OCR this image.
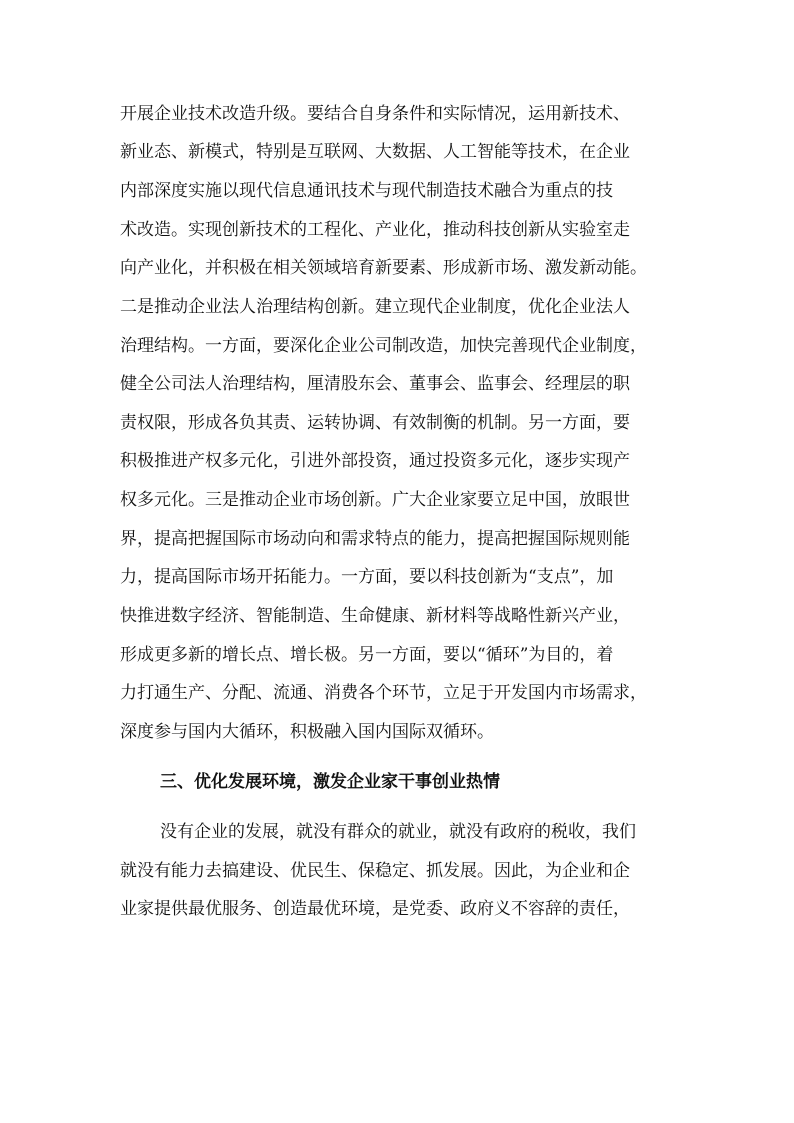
开展企业技术改造升级。要结合自身条件和实际情况，运用新技术、
新业态、新模式，特别是互联网、大数据、人工智能等技术，在企业
内部深度实施以现代信息通讯技术与现代制造技术融合为重点的技
术改造。实现创新技术的工程化、产业化，推动科技创新从实验室走
向产业化，并积极在相关领域培育新要素、形成新市场、激发新动能。
二是推动企业法人治理结构创新。建立现代企业制度，优化企业法人
治理结构。一方面，要深化企业公司制改造，加快完善现代企业制度，
健全公司法人治理结构，厘清股东会、董事会、监事会、经理层的职
责权限，形成各负其责、运转协调、有效制衡的机制。另一方面，要
积极推进产权多元化，引进外部投资，通过投资多元化，逐步实现产
权多元化。三是推动企业市场创新。广大企业家要立足中国，放眼世
界，提高把握国际市场动向和需求特点的能力，提高把握国际规则能
力，提高国际市场开拓能力。一方面，要以科技创新为“支点”，加
快推进数字经济、智能制造、生命健康、新材料等战略性新兴产业，
形成更多新的增长点、增长极。另一方面，要以“循环”为目的，着
力打通生产、分配、流通、消费各个环节，立足于开发国内市场需求，
深度参与国内大循环，积极融入国内国际双循环。
三、优化发展环境，激发企业家干事创业热情
没有企业的发展，就没有群众的就业，就没有政府的税收，我们
就没有能力去搞建设、优民生、保稳定、抓发展。因此，为企业和企
业家提供最优服务、创造最优环境，是党委、政府义不容辞的责任，
